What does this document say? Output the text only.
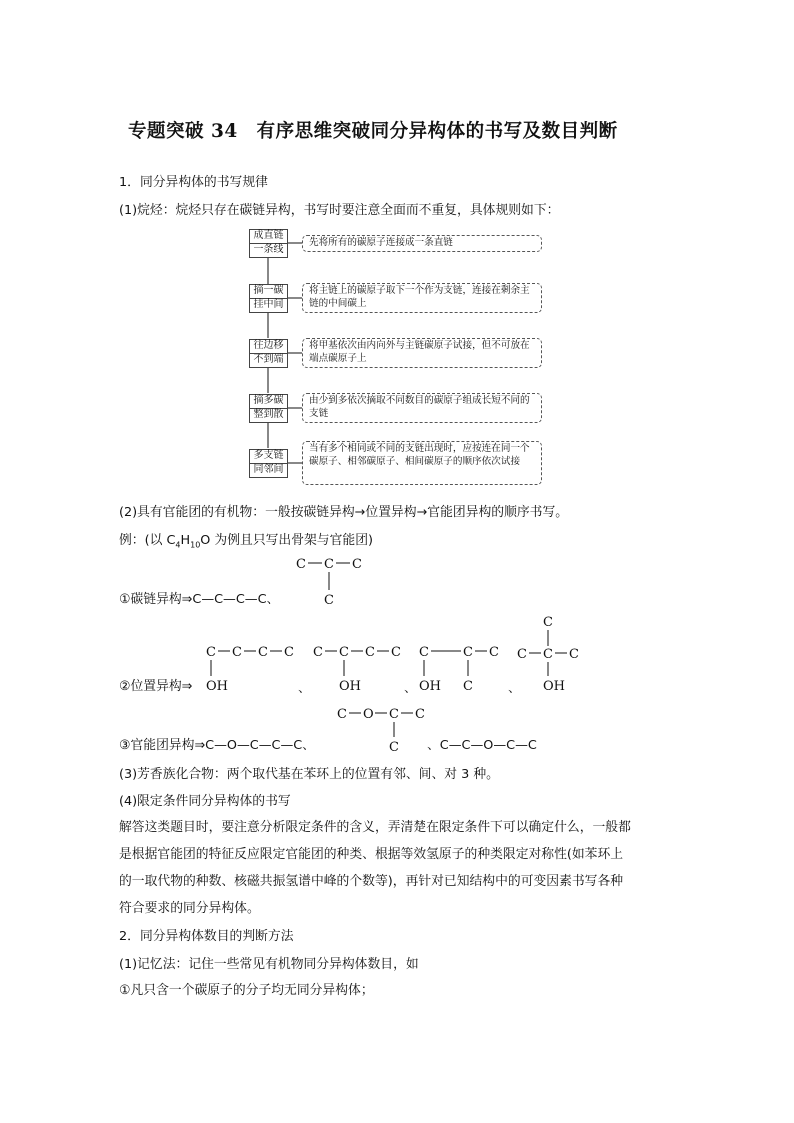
专题突破 34　有序思维突破同分异构体的书写及数目判断
1．同分异构体的书写规律
(1)烷烃：烷烃只存在碳链异构，书写时要注意全面而不重复，具体规则如下：
成直链
一条线
先将所有的碳原子连接成一条直链
摘一碳
挂中间
将主链上的碳原子取下一个作为支链，连接在剩余主链的中间碳上
往边移
不到端
将甲基依次由内向外与主链碳原子试接，但不可放在端点碳原子上
摘多碳
整到散
由少到多依次摘取不同数目的碳原子组成长短不同的支链
多支链
同邻间
当有多个相同或不同的支链出现时，应按连在同一个碳原子、相邻碳原子、相间碳原子的顺序依次试接
(2)具有官能团的有机物：一般按碳链异构→位置异构→官能团异构的顺序书写。
例：(以 $C_4H_{10}O$ 为例且只写出骨架与官能团)
①碳链异构⇒C—C—C—C、
C C C
C
②位置异构⇒
C C C C
OH	、
C C C C
OH	、
C	C C
OH C	、
C
C C C
OH
③官能团异构⇒C—O—C—C—C、
C O C C
C 、C—C—O—C—C
(3)芳香族化合物：两个取代基在苯环上的位置有邻、间、对 3 种。
(4)限定条件同分异构体的书写
解答这类题目时，要注意分析限定条件的含义，弄清楚在限定条件下可以确定什么，一般都
是根据官能团的特征反应限定官能团的种类、根据等效氢原子的种类限定对称性(如苯环上
的一取代物的种数、核磁共振氢谱中峰的个数等)，再针对已知结构中的可变因素书写各种
符合要求的同分异构体。
2．同分异构体数目的判断方法
(1)记忆法：记住一些常见有机物同分异构体数目，如
①凡只含一个碳原子的分子均无同分异构体；
